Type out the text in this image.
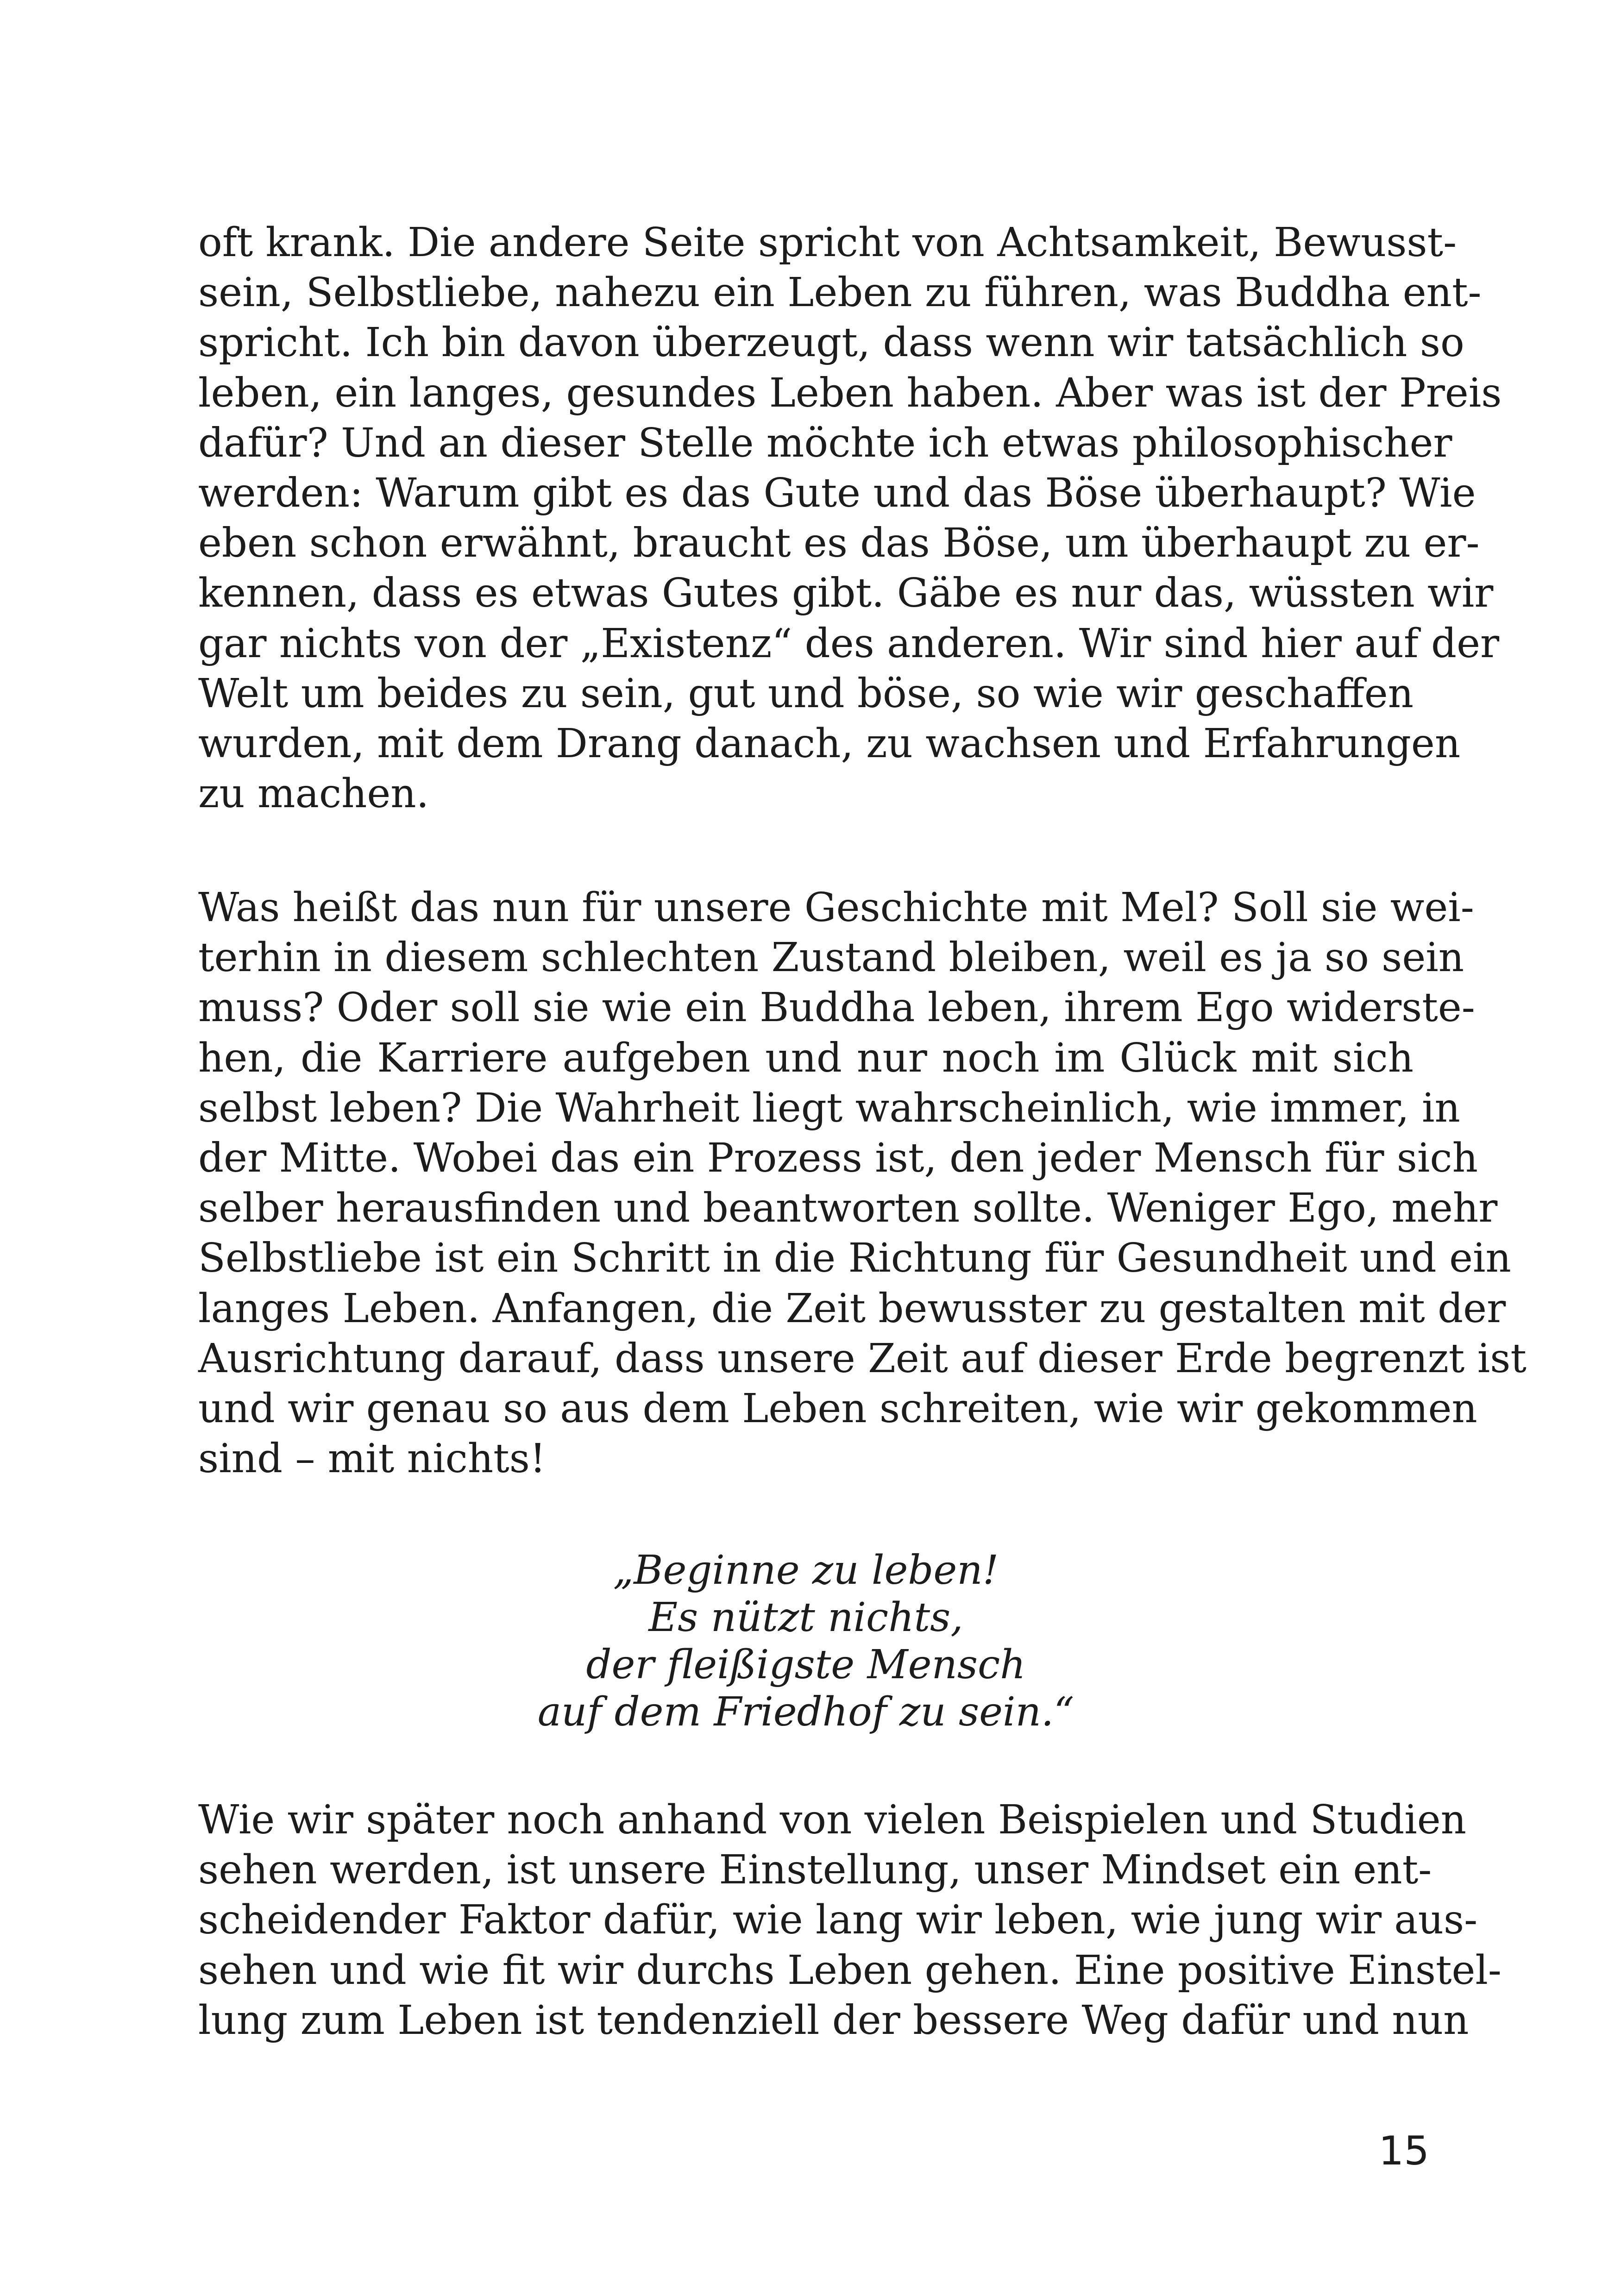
oft krank. Die andere Seite spricht von Achtsamkeit, Bewusst-
sein, Selbstliebe, nahezu ein Leben zu führen, was Buddha ent-
spricht. Ich bin davon überzeugt, dass wenn wir tatsächlich so
leben, ein langes, gesundes Leben haben. Aber was ist der Preis
dafür? Und an dieser Stelle möchte ich etwas philosophischer
werden: Warum gibt es das Gute und das Böse überhaupt? Wie
eben schon erwähnt, braucht es das Böse, um überhaupt zu er-
kennen, dass es etwas Gutes gibt. Gäbe es nur das, wüssten wir
gar nichts von der „Existenz“ des anderen. Wir sind hier auf der
Welt um beides zu sein, gut und böse, so wie wir geschaffen
wurden, mit dem Drang danach, zu wachsen und Erfahrungen
zu machen.
Was heißt das nun für unsere Geschichte mit Mel? Soll sie wei-
terhin in diesem schlechten Zustand bleiben, weil es ja so sein
muss? Oder soll sie wie ein Buddha leben, ihrem Ego widerste-
hen, die Karriere aufgeben und nur noch im Glück mit sich
selbst leben? Die Wahrheit liegt wahrscheinlich, wie immer, in
der Mitte. Wobei das ein Prozess ist, den jeder Mensch für sich
selber herausfinden und beantworten sollte. Weniger Ego, mehr
Selbstliebe ist ein Schritt in die Richtung für Gesundheit und ein
langes Leben. Anfangen, die Zeit bewusster zu gestalten mit der
Ausrichtung darauf, dass unsere Zeit auf dieser Erde begrenzt ist
und wir genau so aus dem Leben schreiten, wie wir gekommen
sind – mit nichts!
„Beginne zu leben!
Es nützt nichts,
der fleißigste Mensch
auf dem Friedhof zu sein.“
Wie wir später noch anhand von vielen Beispielen und Studien
sehen werden, ist unsere Einstellung, unser Mindset ein ent-
scheidender Faktor dafür, wie lang wir leben, wie jung wir aus-
sehen und wie fit wir durchs Leben gehen. Eine positive Einstel-
lung zum Leben ist tendenziell der bessere Weg dafür und nun
15
